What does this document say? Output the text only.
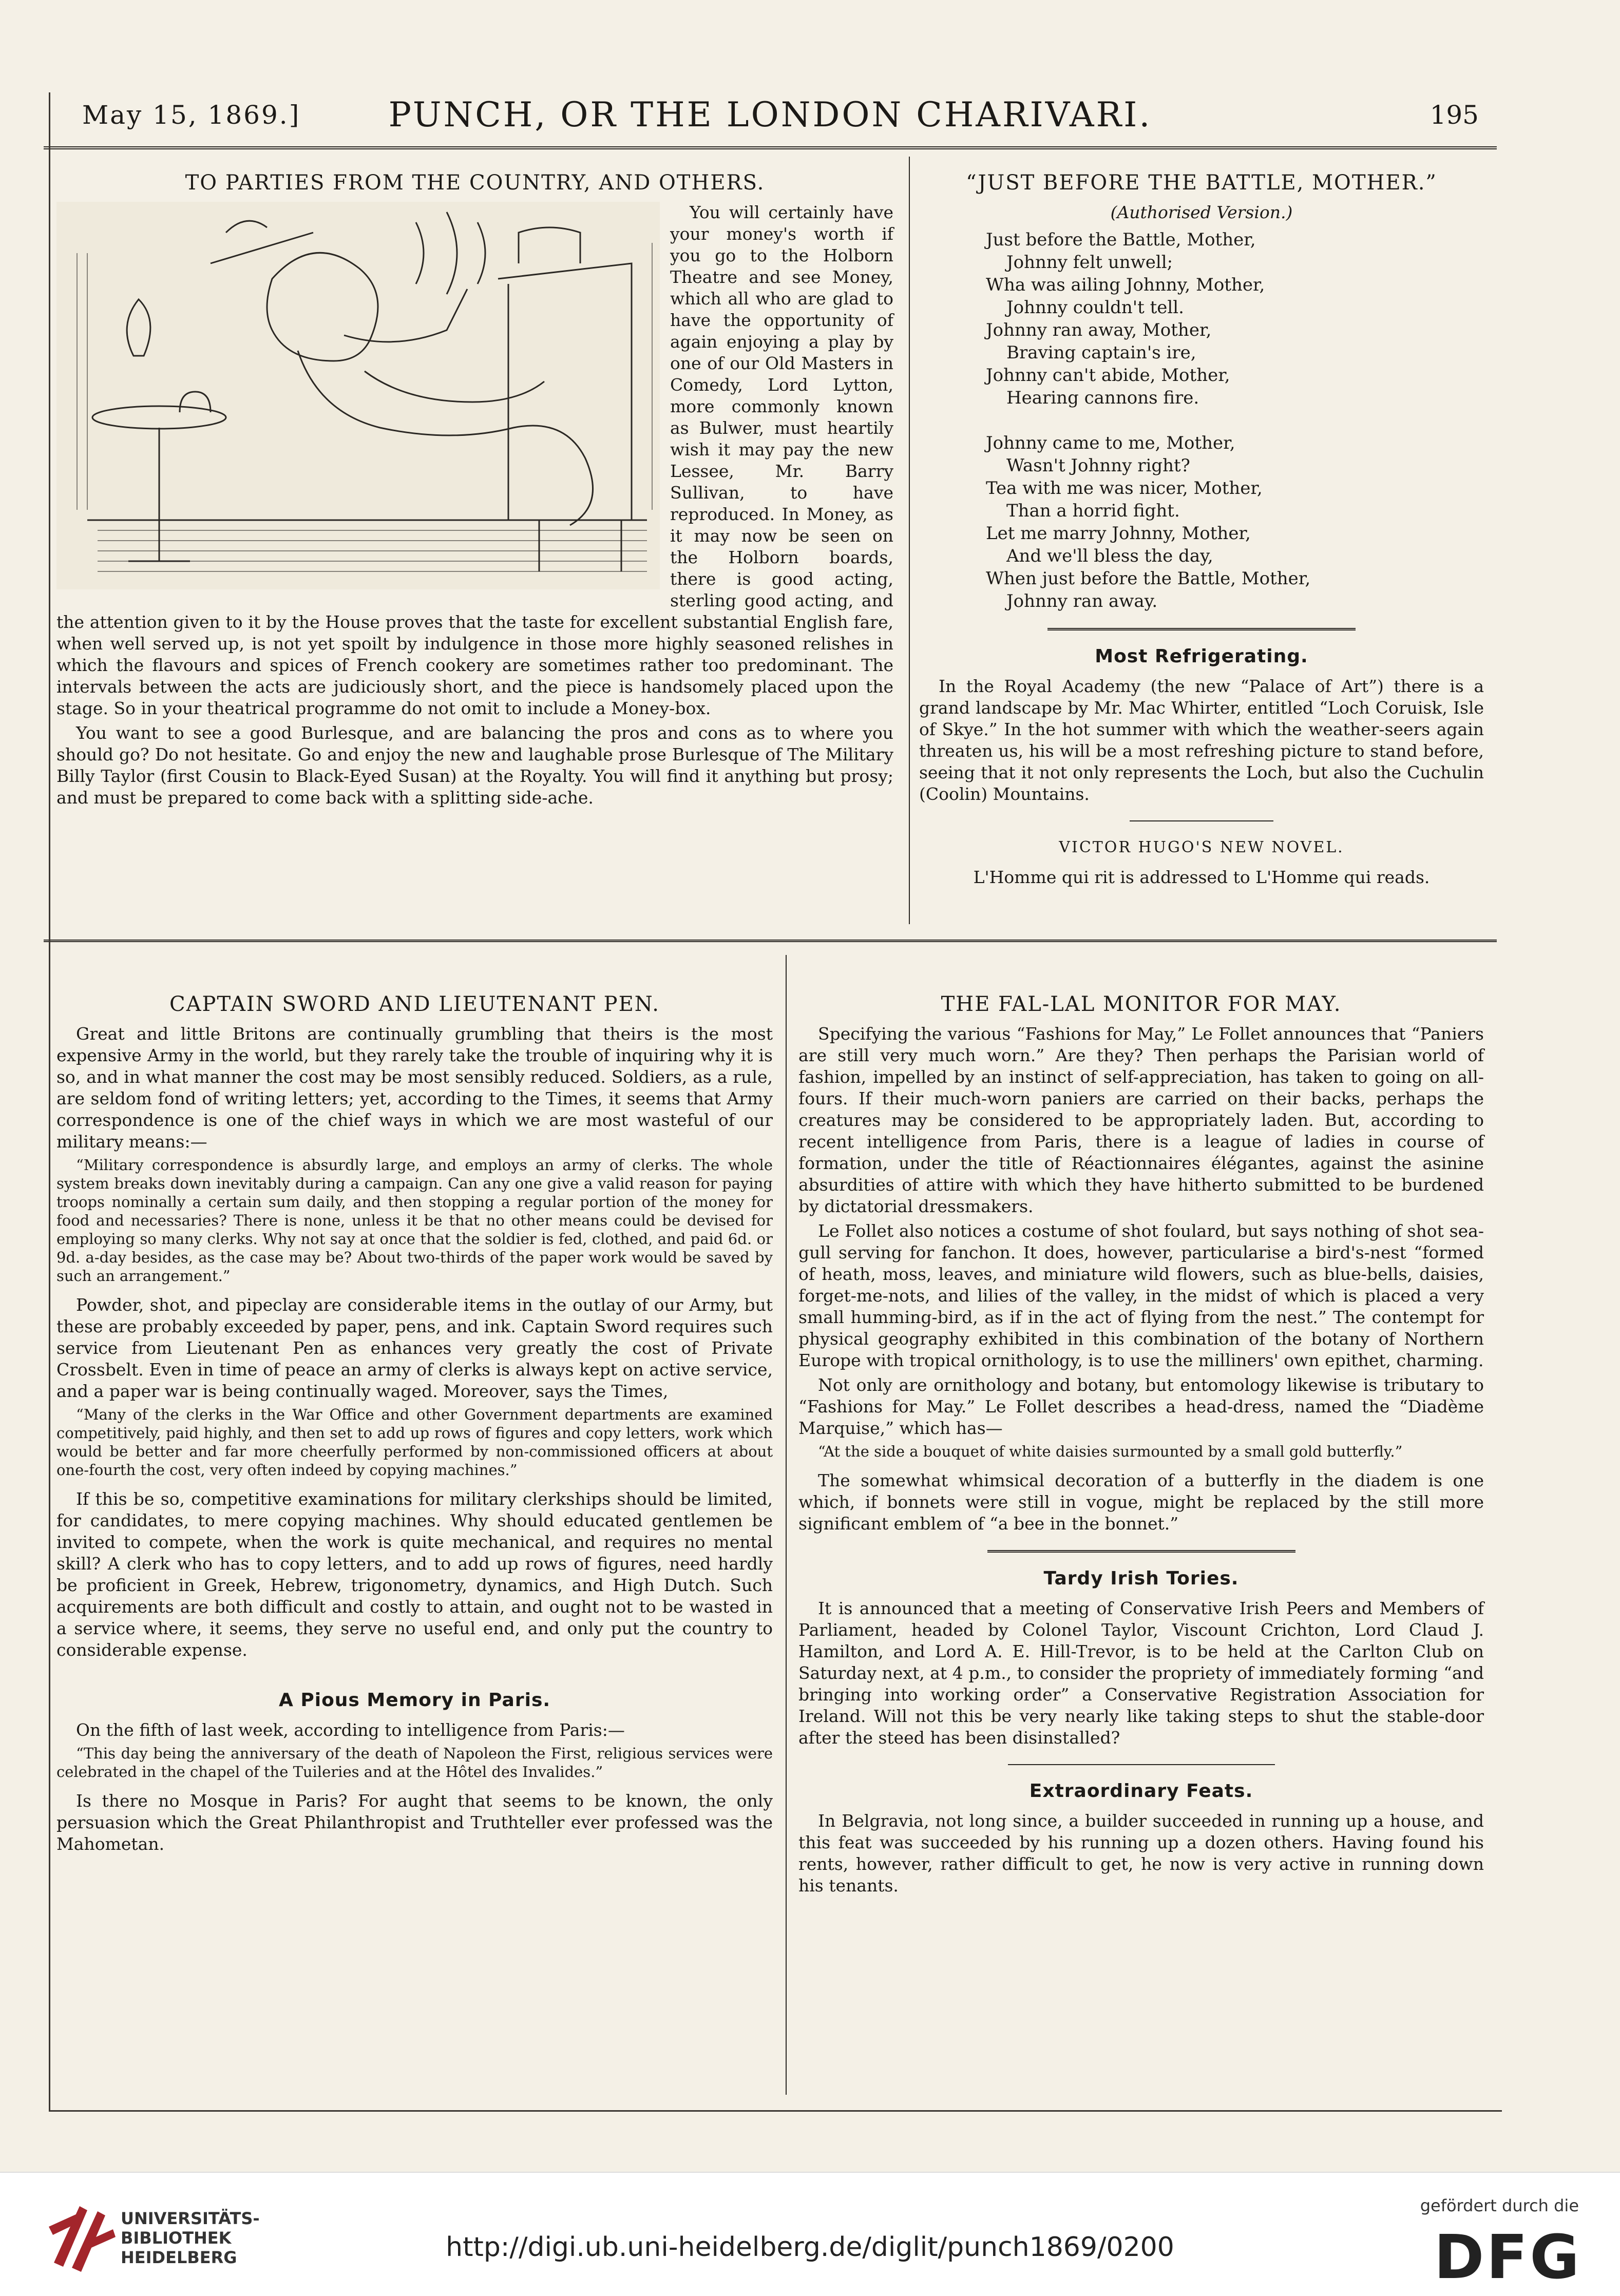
May 15, 1869.]	PUNCH, OR THE LONDON CHARIVARI.	195
TO PARTIES FROM THE COUNTRY, AND OTHERS.

You will certainly have your money's worth if you go to the Holborn Theatre and see Money, which all who are glad to have the opportunity of again enjoying a play by one of our Old Masters in Comedy, Lord Lytton, more commonly known as Bulwer, must heartily wish it may pay the new Lessee, Mr. Barry Sullivan, to have reproduced. In Money, as it may now be seen on the Holborn boards, there is good acting, sterling good acting, and the attention given to it by the House proves that the taste for excellent substantial English fare, when well served up, is not yet spoilt by indulgence in those more highly seasoned relishes in which the flavours and spices of French cookery are sometimes rather too predominant. The intervals between the acts are judiciously short, and the piece is handsomely placed upon the stage. So in your theatrical programme do not omit to include a Money-box.

You want to see a good Burlesque, and are balancing the pros and cons as to where you should go? Do not hesitate. Go and enjoy the new and laughable prose Burlesque of The Military Billy Taylor (first Cousin to Black-Eyed Susan) at the Royalty. You will find it anything but prosy; and must be prepared to come back with a splitting side-ache.

“JUST BEFORE THE BATTLE, MOTHER.”
(Authorised Version.)
Just before the Battle, Mother,
Johnny felt unwell;
Wha was ailing Johnny, Mother,
Johnny couldn't tell.
Johnny ran away, Mother,
Braving captain's ire,
Johnny can't abide, Mother,
Hearing cannons fire.
Johnny came to me, Mother,
Wasn't Johnny right?
Tea with me was nicer, Mother,
Than a horrid fight.
Let me marry Johnny, Mother,
And we'll bless the day,
When just before the Battle, Mother,
Johnny ran away.
Most Refrigerating.

In the Royal Academy (the new “Palace of Art”) there is a grand landscape by Mr. Mac Whirter, entitled “Loch Coruisk, Isle of Skye.” In the hot summer with which the weather-seers again threaten us, his will be a most refreshing picture to stand before, seeing that it not only represents the Loch, but also the Cuchulin (Coolin) Mountains.

VICTOR HUGO'S NEW NOVEL.

L'Homme qui rit is addressed to L'Homme qui reads.

CAPTAIN SWORD AND LIEUTENANT PEN.

Great and little Britons are continually grumbling that theirs is the most expensive Army in the world, but they rarely take the trouble of inquiring why it is so, and in what manner the cost may be most sensibly reduced. Soldiers, as a rule, are seldom fond of writing letters; yet, according to the Times, it seems that Army correspondence is one of the chief ways in which we are most wasteful of our military means:—

“Military correspondence is absurdly large, and employs an army of clerks. The whole system breaks down inevitably during a campaign. Can any one give a valid reason for paying troops nominally a certain sum daily, and then stopping a regular portion of the money for food and necessaries? There is none, unless it be that no other means could be devised for employing so many clerks. Why not say at once that the soldier is fed, clothed, and paid 6d. or 9d. a-day besides, as the case may be? About two-thirds of the paper work would be saved by such an arrangement.”

Powder, shot, and pipeclay are considerable items in the outlay of our Army, but these are probably exceeded by paper, pens, and ink. Captain Sword requires such service from Lieutenant Pen as enhances very greatly the cost of Private Crossbelt. Even in time of peace an army of clerks is always kept on active service, and a paper war is being continually waged. Moreover, says the Times,

“Many of the clerks in the War Office and other Government departments are examined competitively, paid highly, and then set to add up rows of figures and copy letters, work which would be better and far more cheerfully performed by non-commissioned officers at about one-fourth the cost, very often indeed by copying machines.”

If this be so, competitive examinations for military clerkships should be limited, for candidates, to mere copying machines. Why should educated gentlemen be invited to compete, when the work is quite mechanical, and requires no mental skill? A clerk who has to copy letters, and to add up rows of figures, need hardly be proficient in Greek, Hebrew, trigonometry, dynamics, and High Dutch. Such acquirements are both difficult and costly to attain, and ought not to be wasted in a service where, it seems, they serve no useful end, and only put the country to considerable expense.

A Pious Memory in Paris.

On the fifth of last week, according to intelligence from Paris:—

“This day being the anniversary of the death of Napoleon the First, religious services were celebrated in the chapel of the Tuileries and at the Hôtel des Invalides.”

Is there no Mosque in Paris? For aught that seems to be known, the only persuasion which the Great Philanthropist and Truthteller ever professed was the Mahometan.

THE FAL-LAL MONITOR FOR MAY.

Specifying the various “Fashions for May,” Le Follet announces that “Paniers are still very much worn.” Are they? Then perhaps the Parisian world of fashion, impelled by an instinct of self-appreciation, has taken to going on all-fours. If their much-worn paniers are carried on their backs, perhaps the creatures may be considered to be appropriately laden. But, according to recent intelligence from Paris, there is a league of ladies in course of formation, under the title of Réactionnaires élégantes, against the asinine absurdities of attire with which they have hitherto submitted to be burdened by dictatorial dressmakers.

Le Follet also notices a costume of shot foulard, but says nothing of shot sea-gull serving for fanchon. It does, however, particularise a bird's-nest “formed of heath, moss, leaves, and miniature wild flowers, such as blue-bells, daisies, forget-me-nots, and lilies of the valley, in the midst of which is placed a very small humming-bird, as if in the act of flying from the nest.” The contempt for physical geography exhibited in this combination of the botany of Northern Europe with tropical ornithology, is to use the milliners' own epithet, charming.

Not only are ornithology and botany, but entomology likewise is tributary to “Fashions for May.” Le Follet describes a head-dress, named the “Diadème Marquise,” which has—

“At the side a bouquet of white daisies surmounted by a small gold butterfly.”

The somewhat whimsical decoration of a butterfly in the diadem is one which, if bonnets were still in vogue, might be replaced by the still more significant emblem of “a bee in the bonnet.”

Tardy Irish Tories.

It is announced that a meeting of Conservative Irish Peers and Members of Parliament, headed by Colonel Taylor, Viscount Crichton, Lord Claud J. Hamilton, and Lord A. E. Hill-Trevor, is to be held at the Carlton Club on Saturday next, at 4 p.m., to consider the propriety of immediately forming “and bringing into working order” a Conservative Registration Association for Ireland. Will not this be very nearly like taking steps to shut the stable-door after the steed has been disinstalled?

Extraordinary Feats.

In Belgravia, not long since, a builder succeeded in running up a house, and this feat was succeeded by his running up a dozen others. Having found his rents, however, rather difficult to get, he now is very active in running down his tenants.

UNIVERSITÄTS-
BIBLIOTHEK
HEIDELBERG	http://digi.ub.uni-heidelberg.de/diglit/punch1869/0200
gefördert durch die
DFG
